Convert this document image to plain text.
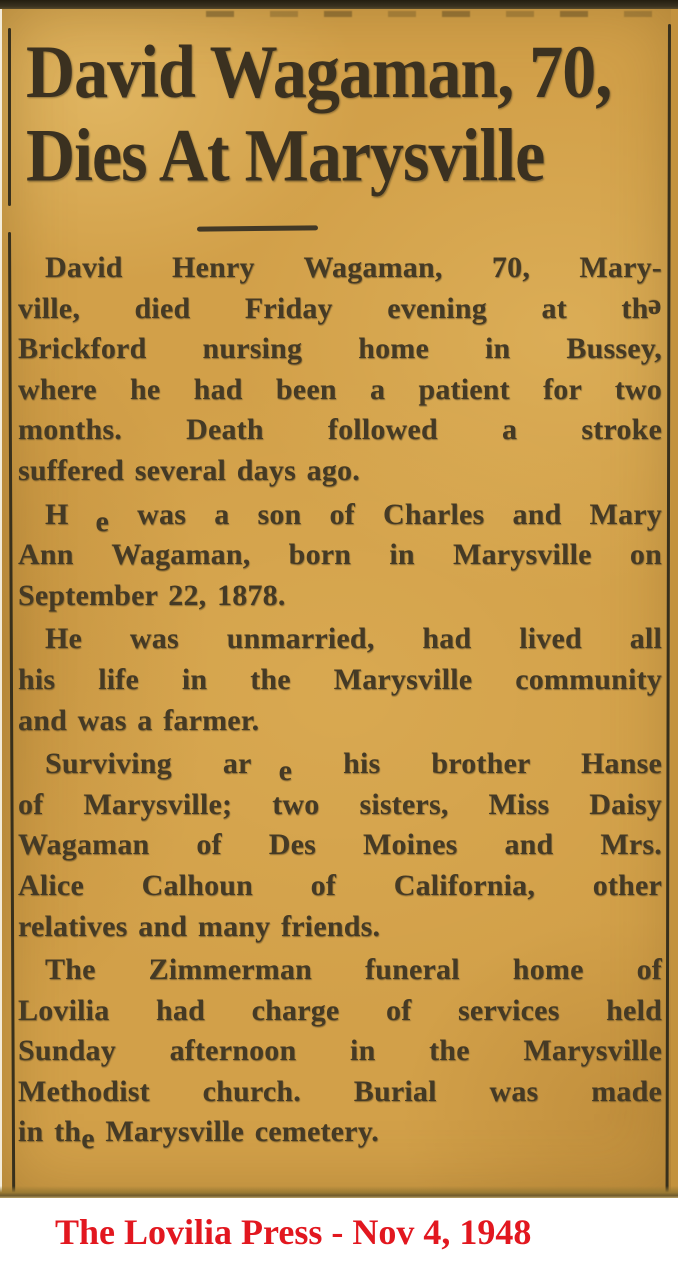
David Wagaman, 70,
Dies At Marysville
David Henry Wagaman, 70, Mary-
ville, died Friday evening at the
Brickford nursing home in Bussey,
where he had been a patient for two
months. Death followed a stroke
suffered several days ago.
H e was a son of Charles and Mary
Ann Wagaman, born in Marysville on
September 22, 1878.
He was unmarried, had lived all
his life in the Marysville community
and was a farmer.
Surviving ar e his brother Hanse
of Marysville; two sisters, Miss Daisy
Wagaman of Des Moines and Mrs.
Alice Calhoun of California, other
relatives and many friends.
The Zimmerman funeral home of
Lovilia had charge of services held
Sunday afternoon in the Marysville
Methodist church. Burial was made
in the Marysville cemetery.
The Lovilia Press - Nov 4, 1948
